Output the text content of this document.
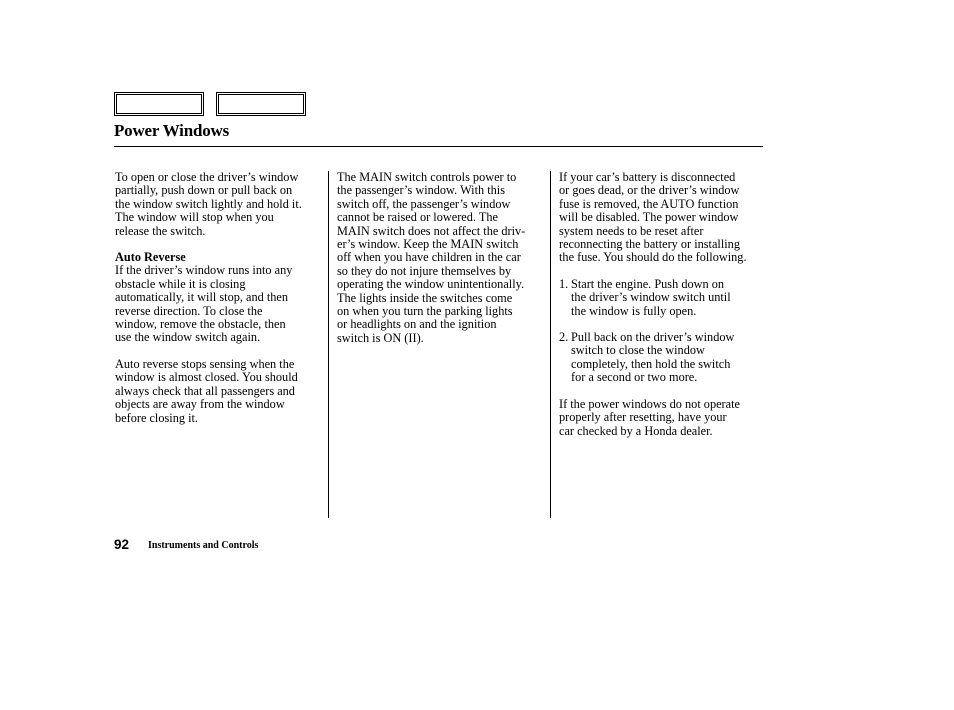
Power Windows

To open or close the driver’s window
partially, push down or pull back on
the window switch lightly and hold it.
The window will stop when you
release the switch.

Auto Reverse

If the driver’s window runs into any
obstacle while it is closing
automatically, it will stop, and then
reverse direction. To close the
window, remove the obstacle, then
use the window switch again.

Auto reverse stops sensing when the
window is almost closed. You should
always check that all passengers and
objects are away from the window
before closing it.

The MAIN switch controls power to
the passenger’s window. With this
switch off, the passenger’s window
cannot be raised or lowered. The
MAIN switch does not affect the driv-
er’s window. Keep the MAIN switch
off when you have children in the car
so they do not injure themselves by
operating the window unintentionally.
The lights inside the switches come
on when you turn the parking lights
or headlights on and the ignition
switch is ON (II).

If your car’s battery is disconnected
or goes dead, or the driver’s window
fuse is removed, the AUTO function
will be disabled. The power window
system needs to be reset after
reconnecting the battery or installing
the fuse. You should do the following.

1. Start the engine. Push down on
the driver’s window switch until
the window is fully open.
2. Pull back on the driver’s window
switch to close the window
completely, then hold the switch
for a second or two more.

If the power windows do not operate
properly after resetting, have your
car checked by a Honda dealer.

92 Instruments and Controls
